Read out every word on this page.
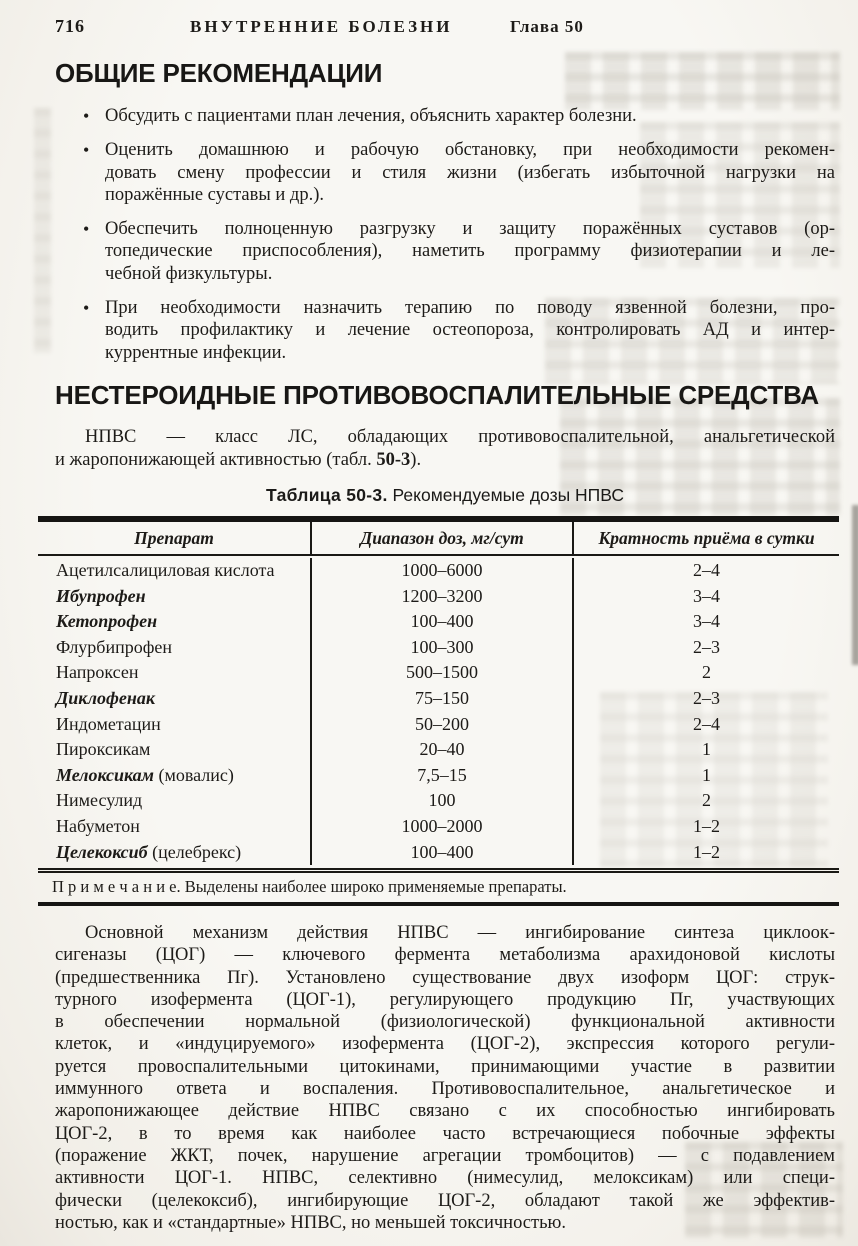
716	ВНУТРЕННИЕ БОЛЕЗНИ	Глава 50
ОБЩИЕ РЕКОМЕНДАЦИИ
• Обсудить с пациентами план лечения, объяснить характер болезни.
• Оценить домашнюю и рабочую обстановку, при необходимости рекомен-
довать смену профессии и стиля жизни (избегать избыточной нагрузки на
поражённые суставы и др.).
• Обеспечить полноценную разгрузку и защиту поражённых суставов (ор-
топедические приспособления), наметить программу физиотерапии и ле-
чебной физкультуры.
• При необходимости назначить терапию по поводу язвенной болезни, про-
водить профилактику и лечение остеопороза, контролировать АД и интер-
куррентные инфекции.
НЕСТЕРОИДНЫЕ ПРОТИВОВОСПАЛИТЕЛЬНЫЕ СРЕДСТВА

НПВС — класс ЛС, обладающих противовоспалительной, анальгетической
и жаропонижающей активностью (табл. 50-3).

Таблица 50-3. Рекомендуемые дозы НПВС
Препарат	Диапазон доз, мг/сут	Кратность приёма в сутки
Ацетилсалициловая кислота	1000–6000	2–4
Ибупрофен	1200–3200	3–4
Кетопрофен	100–400	3–4
Флурбипрофен	100–300	2–3
Напроксен	500–1500	2
Диклофенак	75–150	2–3
Индометацин	50–200	2–4
Пироксикам	20–40	1
Мелоксикам (мовалис)	7,5–15	1
Нимесулид	100	2
Набуметон	1000–2000	1–2
Целекоксиб (целебрекс)	100–400	1–2
П р и м е ч а н и е. Выделены наиболее широко применяемые препараты.

Основной механизм действия НПВС — ингибирование синтеза циклоок-
сигеназы (ЦОГ) — ключевого фермента метаболизма арахидоновой кислоты
(предшественника Пг). Установлено существование двух изоформ ЦОГ: струк-
турного изофермента (ЦОГ-1), регулирующего продукцию Пг, участвующих
в обеспечении нормальной (физиологической) функциональной активности
клеток, и «индуцируемого» изофермента (ЦОГ-2), экспрессия которого регули-
руется провоспалительными цитокинами, принимающими участие в развитии
иммунного ответа и воспаления. Противовоспалительное, анальгетическое и
жаропонижающее действие НПВС связано с их способностью ингибировать
ЦОГ-2, в то время как наиболее часто встречающиеся побочные эффекты
(поражение ЖКТ, почек, нарушение агрегации тромбоцитов) — с подавлением
активности ЦОГ-1. НПВС, селективно (нимесулид, мелоксикам) или специ-
фически (целекоксиб), ингибирующие ЦОГ-2, обладают такой же эффектив-
ностью, как и «стандартные» НПВС, но меньшей токсичностью.
